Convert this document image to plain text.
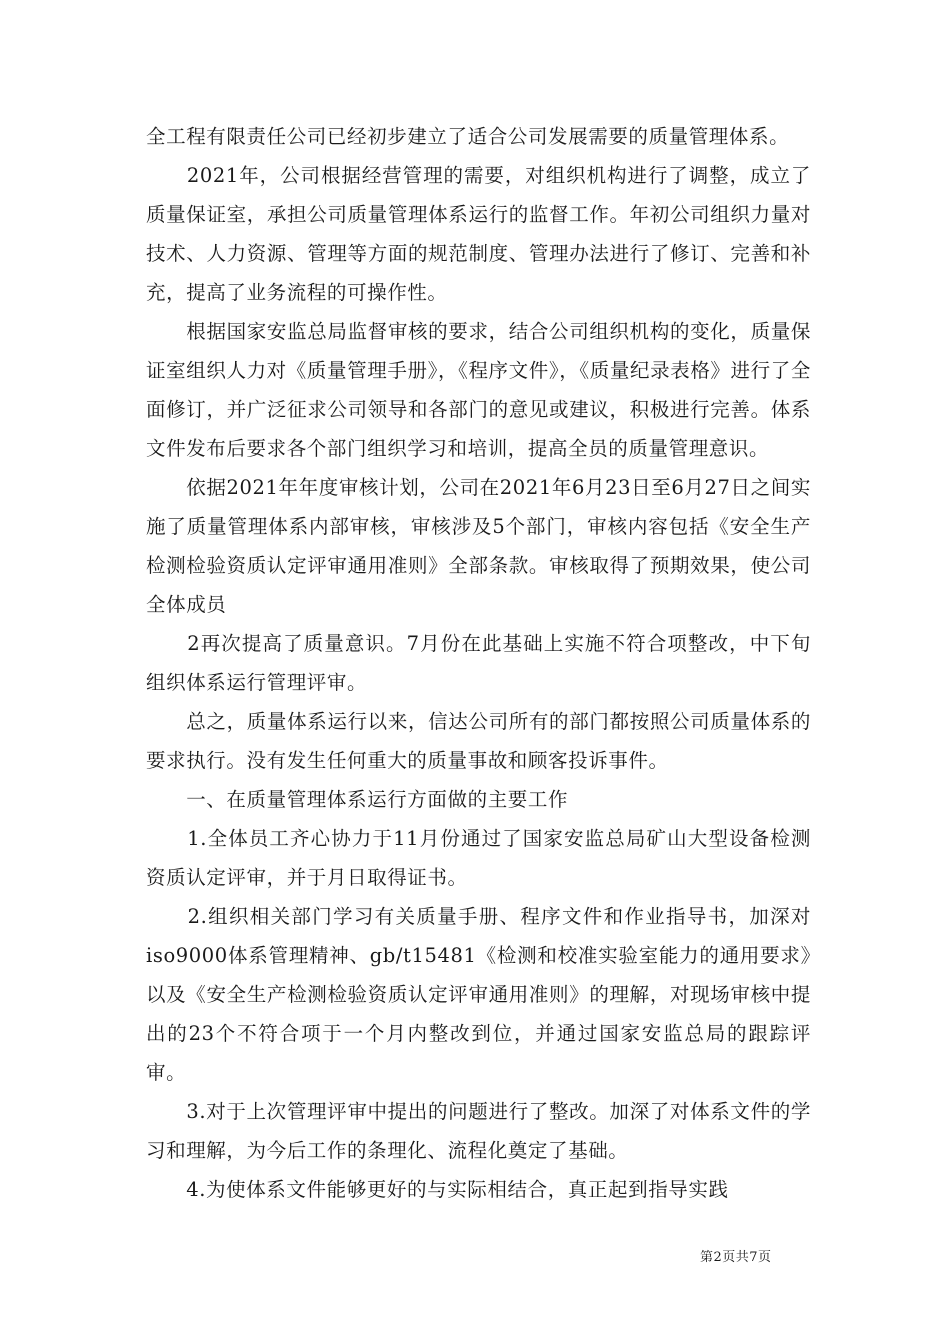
全工程有限责任公司已经初步建立了适合公司发展需要的质量管理体系。

　　2021年，公司根据经营管理的需要，对组织机构进行了调整，成立了质量保证室，承担公司质量管理体系运行的监督工作。年初公司组织力量对技术、人力资源、管理等方面的规范制度、管理办法进行了修订、完善和补充，提高了业务流程的可操作性。

　　根据国家安监总局监督审核的要求，结合公司组织机构的变化，质量保证室组织人力对《质量管理手册》，《程序文件》，《质量纪录表格》进行了全面修订，并广泛征求公司领导和各部门的意见或建议，积极进行完善。体系文件发布后要求各个部门组织学习和培训，提高全员的质量管理意识。

　　依据2021年年度审核计划，公司在2021年6月23日至6月27日之间实施了质量管理体系内部审核，审核涉及5个部门，审核内容包括《安全生产检测检验资质认定评审通用准则》全部条款。审核取得了预期效果，使公司全体成员

　　2再次提高了质量意识。7月份在此基础上实施不符合项整改，中下旬组织体系运行管理评审。

　　总之，质量体系运行以来，信达公司所有的部门都按照公司质量体系的要求执行。没有发生任何重大的质量事故和顾客投诉事件。

　　一、在质量管理体系运行方面做的主要工作

　　1.全体员工齐心协力于11月份通过了国家安监总局矿山大型设备检测资质认定评审，并于月日取得证书。

　　2.组织相关部门学习有关质量手册、程序文件和作业指导书，加深对iso9000体系管理精神、gb/t15481《检测和校准实验室能力的通用要求》以及《安全生产检测检验资质认定评审通用准则》的理解，对现场审核中提出的23个不符合项于一个月内整改到位，并通过国家安监总局的跟踪评审。

　　3.对于上次管理评审中提出的问题进行了整改。加深了对体系文件的学习和理解，为今后工作的条理化、流程化奠定了基础。

　　4.为使体系文件能够更好的与实际相结合，真正起到指导实践

第2页共7页
